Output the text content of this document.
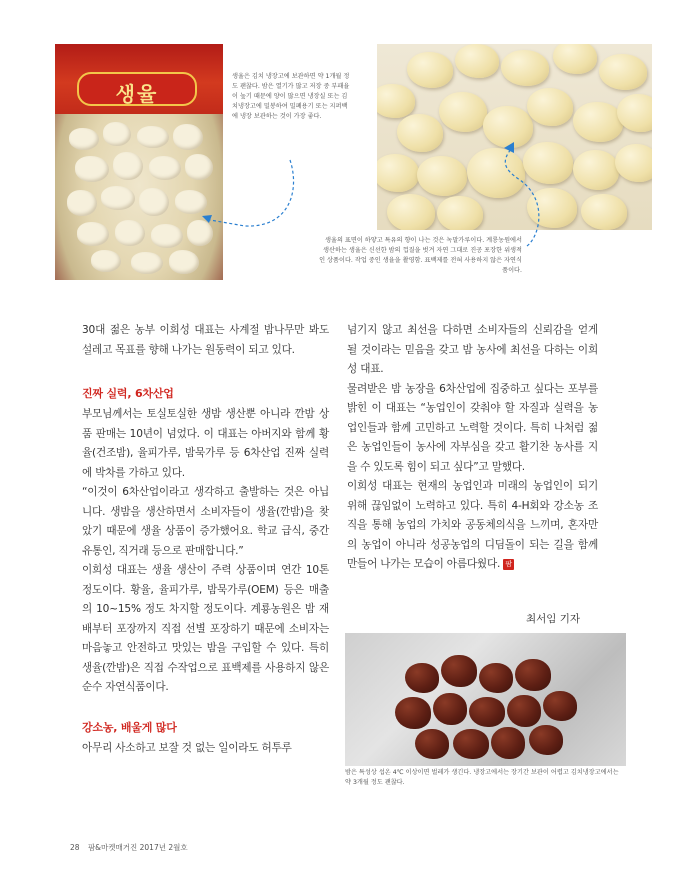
생율
생율은 김치 냉장고에 보관하면 약 1개월 정도 괜찮다. 밤은 열기가 많고 저장 중 부패율이 높기 때문에 양이 많으면 냉장실 또는 김치냉장고에 밀봉하여 밀폐용기 또는 지퍼백에 냉장 보관하는 것이 가장 좋다.
생율의 표면이 하얗고 특유의 향이 나는 것은 녹말가루이다. 계룡농원에서 생산하는 생율은 신선한 밤의 껍질을 벗겨 자연 그대로 진공 포장한 위생적인 상품이다. 작업 중인 생율을 촬영함. 표백제를 전혀 사용하지 않은 자연식품이다.
밤은 특성상 섭온 4℃ 이상이면 벌레가 생긴다. 냉장고에서는 장기간 보관이 어렵고 김치냉장고에서는 약 3개월 정도 괜찮다.

30대 젊은 농부 이희성 대표는 사계절 밤나무만 봐도 설레고 목표를 향해 나가는 원동력이 되고 있다.

진짜 실력, 6차산업

부모님께서는 토실토실한 생밤 생산뿐 아니라 깐밤 상품 판매는 10년이 넘었다. 이 대표는 아버지와 함께 황율(건조밤), 율피가루, 밤묵가루 등 6차산업 진짜 실력에 박차를 가하고 있다.

“이것이 6차산업이라고 생각하고 출발하는 것은 아닙니다. 생밤을 생산하면서 소비자들이 생율(깐밤)을 찾았기 때문에 생율 상품이 증가했어요. 학교 급식, 중간 유통인, 직거래 등으로 판매합니다.”

이희성 대표는 생율 생산이 주력 상품이며 연간 10톤 정도이다. 황율, 율피가루, 밤묵가루(OEM) 등은 매출의 10~15% 정도 차지할 정도이다. 계룡농원은 밤 재배부터 포장까지 직접 선별 포장하기 때문에 소비자는 마음놓고 안전하고 맛있는 밤을 구입할 수 있다. 특히 생율(깐밤)은 직접 수작업으로 표백제를 사용하지 않은 순수 자연식품이다.

강소농, 배울게 많다

아무리 사소하고 보잘 것 없는 일이라도 허투루

넘기지 않고 최선을 다하면 소비자들의 신뢰감을 얻게 될 것이라는 믿음을 갖고 밤 농사에 최선을 다하는 이희성 대표.

물려받은 밤 농장을 6차산업에 집중하고 싶다는 포부를 밝힌 이 대표는 “농업인이 갖춰야 할 자질과 실력을 농업인들과 함께 고민하고 노력할 것이다. 특히 나처럼 젊은 농업인들이 농사에 자부심을 갖고 활기찬 농사를 지을 수 있도록 힘이 되고 싶다”고 말했다.

이희성 대표는 현재의 농업인과 미래의 농업인이 되기 위해 끊임없이 노력하고 있다. 특히 4-H회와 강소농 조직을 통해 농업의 가치와 공동체의식을 느끼며, 혼자만의 농업이 아니라 성공농업의 디딤돌이 되는 길을 함께 만들어 나가는 모습이 아름다웠다. 팜

최서임 기자
28 팜&마켓매거진 2017년 2월호
